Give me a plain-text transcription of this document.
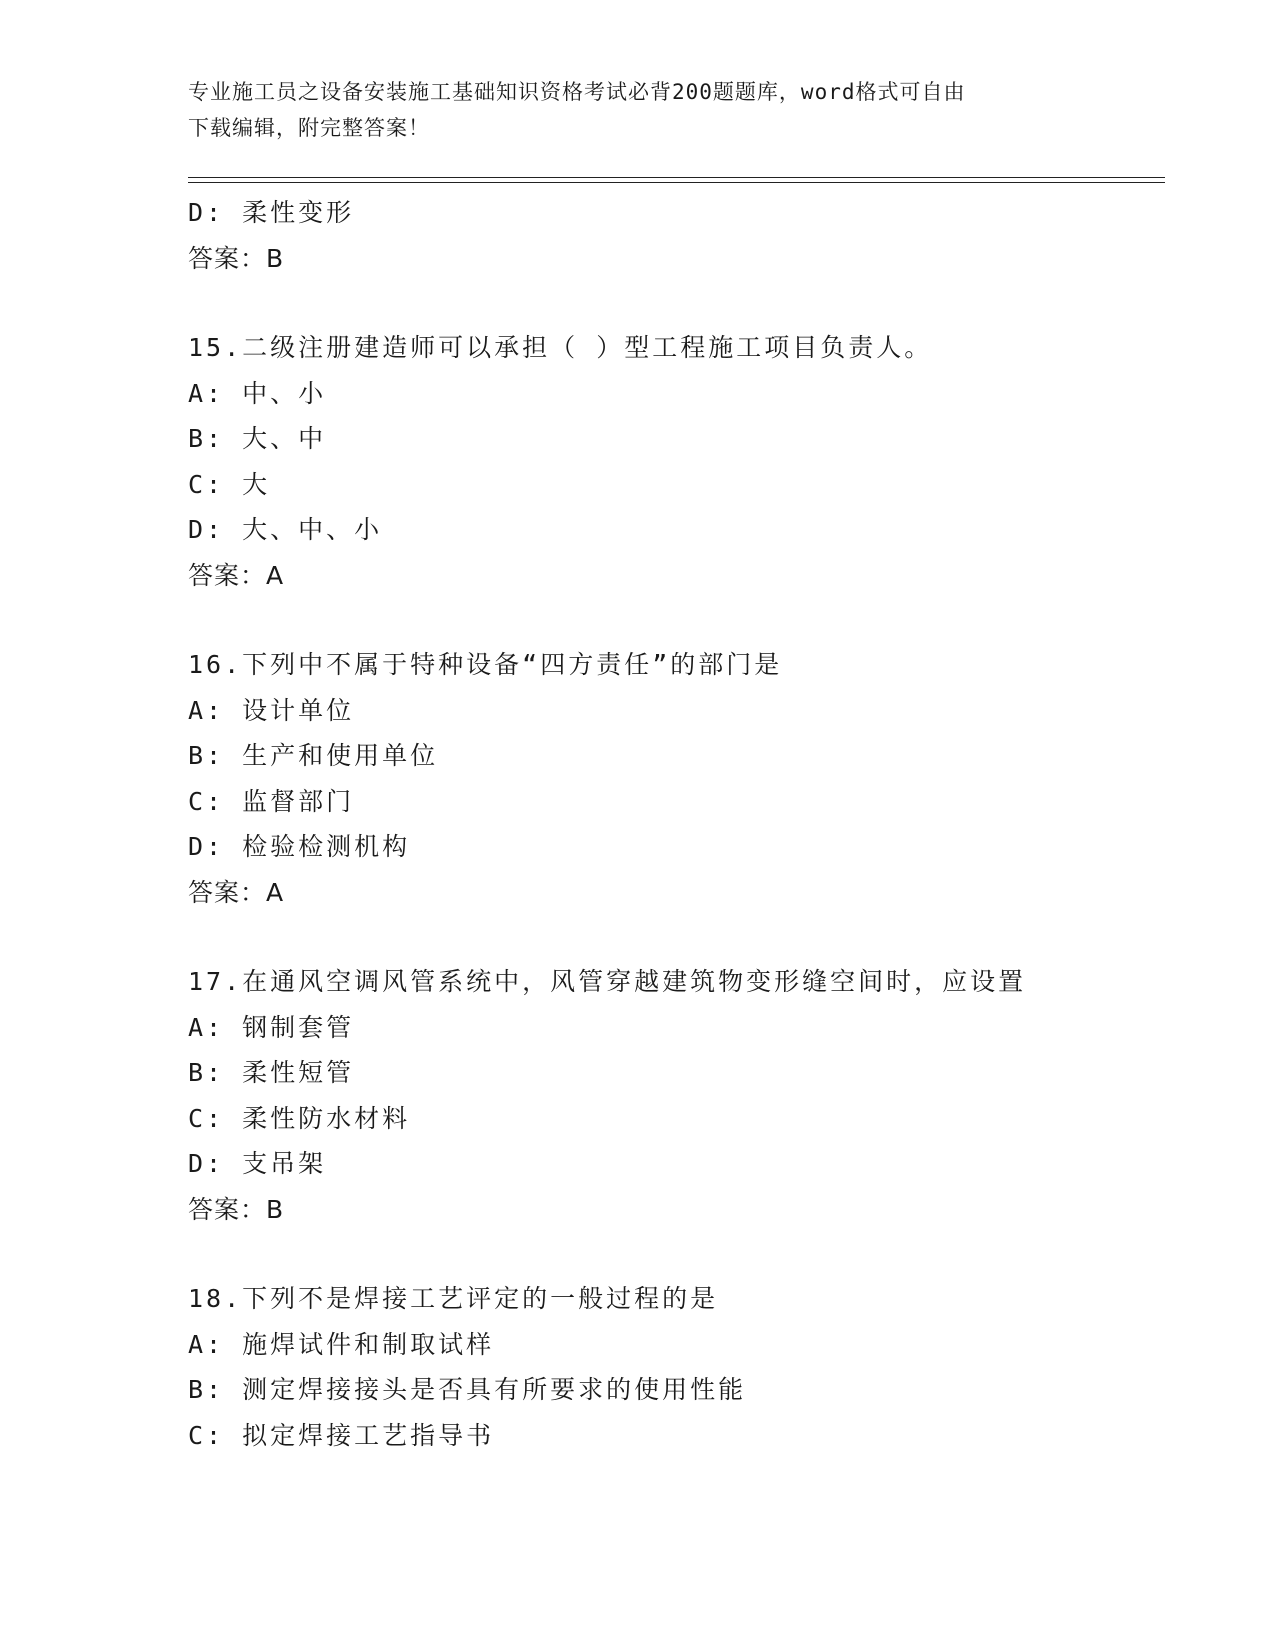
专业施工员之设备安装施工基础知识资格考试必背200题题库，word格式可自由
下载编辑，附完整答案！
D: 柔性变形
答案：B
15.二级注册建造师可以承担（ ）型工程施工项目负责人。
A: 中、小
B: 大、中
C: 大
D: 大、中、小
答案：A
16.下列中不属于特种设备“四方责任”的部门是
A: 设计单位
B: 生产和使用单位
C: 监督部门
D: 检验检测机构
答案：A
17.在通风空调风管系统中，风管穿越建筑物变形缝空间时，应设置
A: 钢制套管
B: 柔性短管
C: 柔性防水材料
D: 支吊架
答案：B
18.下列不是焊接工艺评定的一般过程的是
A: 施焊试件和制取试样
B: 测定焊接接头是否具有所要求的使用性能
C: 拟定焊接工艺指导书
